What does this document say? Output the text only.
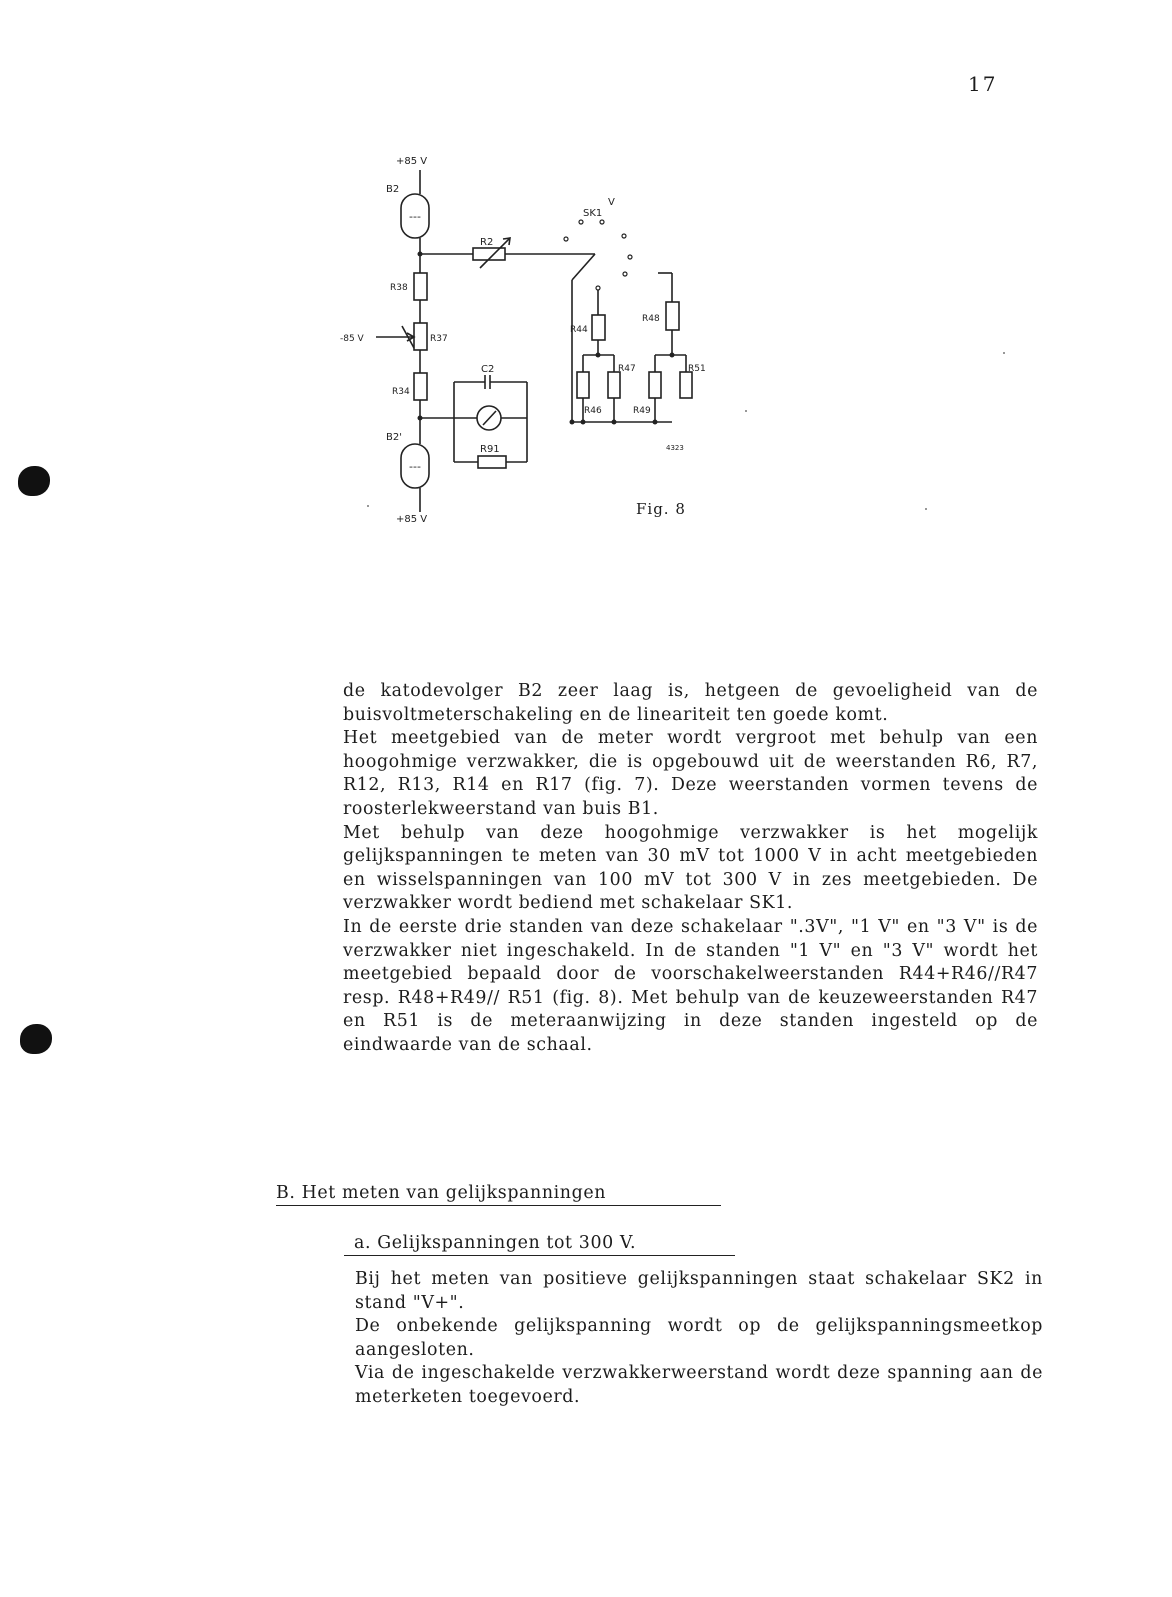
17
---
---
+85 V
B2
SK1
V
R2
R38
-85 V	R37
R34
C2
B2'
R91
+85 V
R44
R46
R47
R48
R49
R51
4323
Fig. 8

de katodevolger B2 zeer laag is, hetgeen de gevoeligheid van de buisvoltmeterschakeling en de lineariteit ten goede komt.

Het meetgebied van de meter wordt vergroot met behulp van een hoogohmige verzwakker, die is opgebouwd uit de weerstanden R6, R7, R12, R13, R14 en R17 (fig. 7). Deze weerstanden vormen tevens de roosterlekweerstand van buis B1.

Met behulp van deze hoogohmige verzwakker is het mogelijk gelijkspanningen te meten van 30 mV tot 1000 V in acht meetgebieden en wisselspanningen van 100 mV tot 300 V in zes meetgebieden. De verzwakker wordt bediend met schakelaar SK1.

In de eerste drie standen van deze schakelaar ".3V", "1 V" en "3 V" is de verzwakker niet ingeschakeld. In de standen "1 V" en "3 V" wordt het meetgebied bepaald door de voorschakelweerstanden R44+R46//R47 resp. R48+R49// R51 (fig. 8). Met behulp van de keuzeweerstanden R47 en R51 is de meteraanwijzing in deze standen ingesteld op de eindwaarde van de schaal.

B. Het meten van gelijkspanningen
a. Gelijkspanningen tot 300 V.

Bij het meten van positieve gelijkspanningen staat schakelaar SK2 in stand "V+".

De onbekende gelijkspanning wordt op de gelijkspanningsmeetkop aangesloten.

Via de ingeschakelde verzwakkerweerstand wordt deze spanning aan de meterketen toegevoerd.
